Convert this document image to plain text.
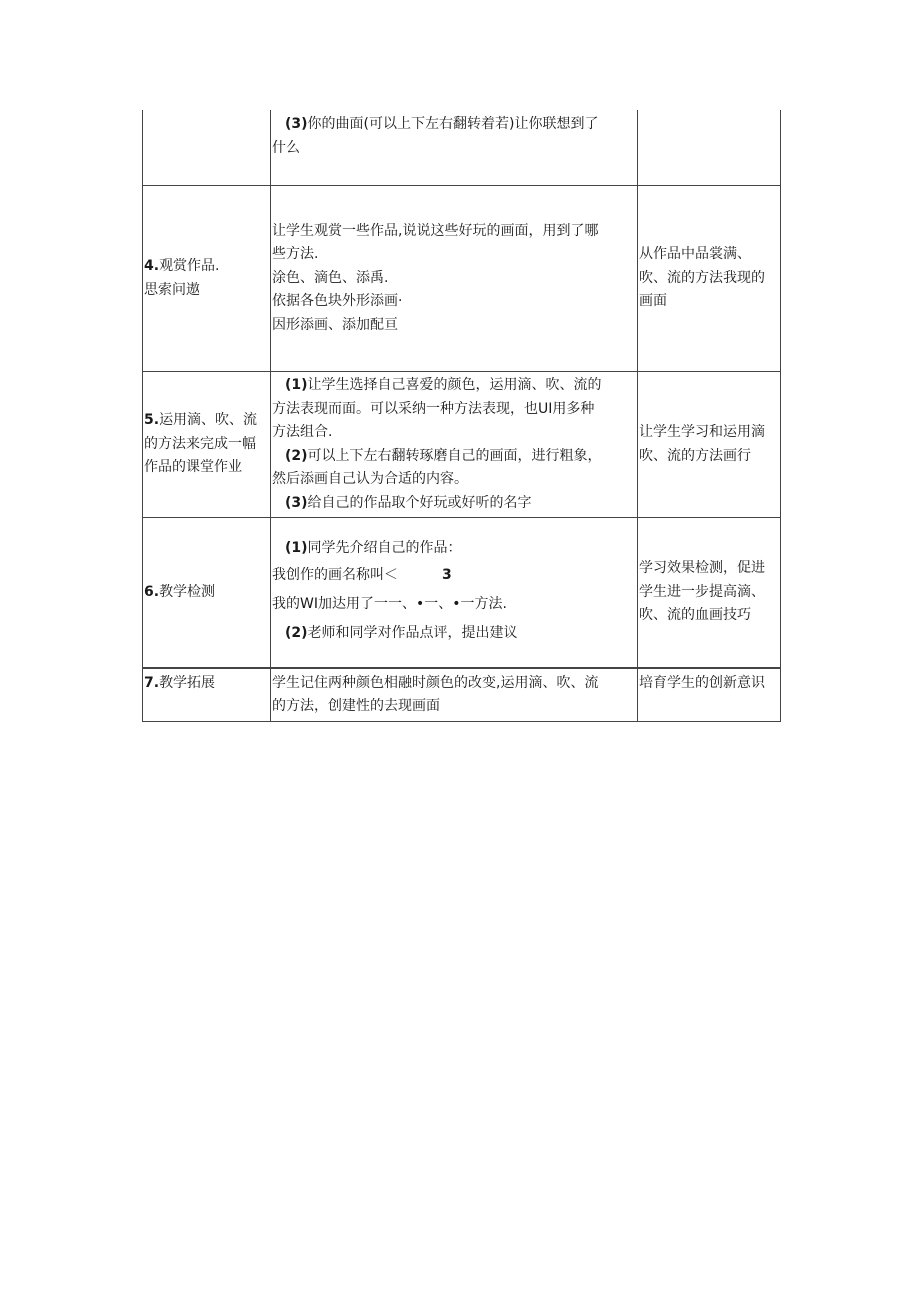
(3)你的曲面(可以上下左右翻转着若)让你联想到了
什么
4.观赏作品.
思索问遨
让学生观赏一些作品,说说这些好玩的画面，用到了哪
些方法.
涂色、滴色、添禹.
依据各色块外形添画·
因形添画、添加配亘
从作品中品裳满、
吹、流的方法我现的
画面
5.运用滴、吹、流
的方法来完成一幅
作品的课堂作业
(1)让学生选择自己喜爱的颜色，运用滴、吹、流的
方法表现而面。可以采纳一种方法表现，也UI用多种
方法组合.
(2)可以上下左右翻转琢磨自己的画面，进行粗象，
然后添画自己认为合适的内容。
(3)给自己的作品取个好玩或好听的名字
让学生学习和运用滴
吹、流的方法画行
6.教学检测
(1)同学先介绍自己的作品：
我创作的画名称叫＜	3
我的WI加达用了一一、•一、•一方法.
(2)老师和同学对作品点评，提出建议
学习效果检测，促进
学生进一步提高滴、
吹、流的血画技巧
7.教学拓展	学生记住两种颜色相融时颜色的改变,运用滴、吹、流
的方法，创建性的去现画面
培育学生的创新意识
